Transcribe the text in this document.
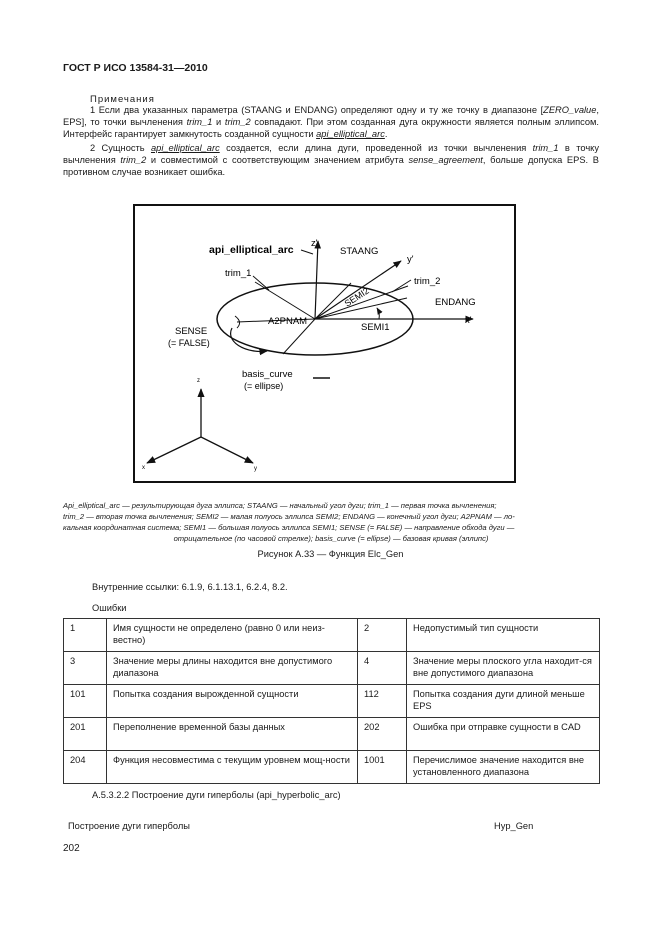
ГОСТ Р ИСО 13584-31—2010
Примечания
1 Если два указанных параметра (STAANG и ENDANG) определяют одну и ту же точку в диапазоне [ZERO_value, EPS], то точки вычленения trim_1 и trim_2 совпадают. При этом созданная дуга окружности является полным эллипсом. Интерфейс гарантирует замкнутость созданной сущности api_elliptical_arc.
2 Сущность api_elliptical_arc создается, если длина дуги, проведенной из точки вычленения trim_1 в точку вычленения trim_2 и совместимой с соответствующим значением атрибута sense_agreement, больше допуска EPS. В противном случае возникает ошибка.
api_elliptical_arc
z'
STAANG
y'
trim_1
trim_2
ENDANG
SEMI2
A2PNAM	x'
SEMI1
SENSE
(= FALSE)
basis_curve
(= ellipse)
z
x	y
Api_elliptical_arc — результирующая дуга эллипса; STAANG — начальный угол дуги; trim_1 — первая точка вычленения;
trim_2 — вторая точка вычленения; SEMI2 — малая полуось эллипса SEMI2; ENDANG — конечный угол дуги; A2PNAM — ло-
кальная координатная система; SEMI1 — большая полуось эллипса SEMI1; SENSE (= FALSE) — направление обхода дуги —
отрицательное (по часовой стрелке); basis_curve (= ellipse) — базовая кривая (эллипс)
Рисунок А.33 — Функция Elc_Gen
Внутренние ссылки: 6.1.9, 6.1.13.1, 6.2.4, 8.2.
Ошибки
1	Имя сущности не определено (равно 0 или неиз-вестно)	2	Недопустимый тип сущности
3	Значение меры длины находится вне допустимого диапазона	4	Значение меры плоского угла находит-ся вне допустимого диапазона
101	Попытка создания вырожденной сущности	112	Попытка создания дуги длиной меньше EPS
201	Переполнение временной базы данных	202	Ошибка при отправке сущности в CAD
204	Функция несовместима с текущим уровнем мощ-ности	1001	Перечислимое значение находится вне установленного диапазона
А.5.3.2.2 Построение дуги гиперболы (api_hyperbolic_arc)
Построение дуги гиперболы	Hyp_Gen
202
